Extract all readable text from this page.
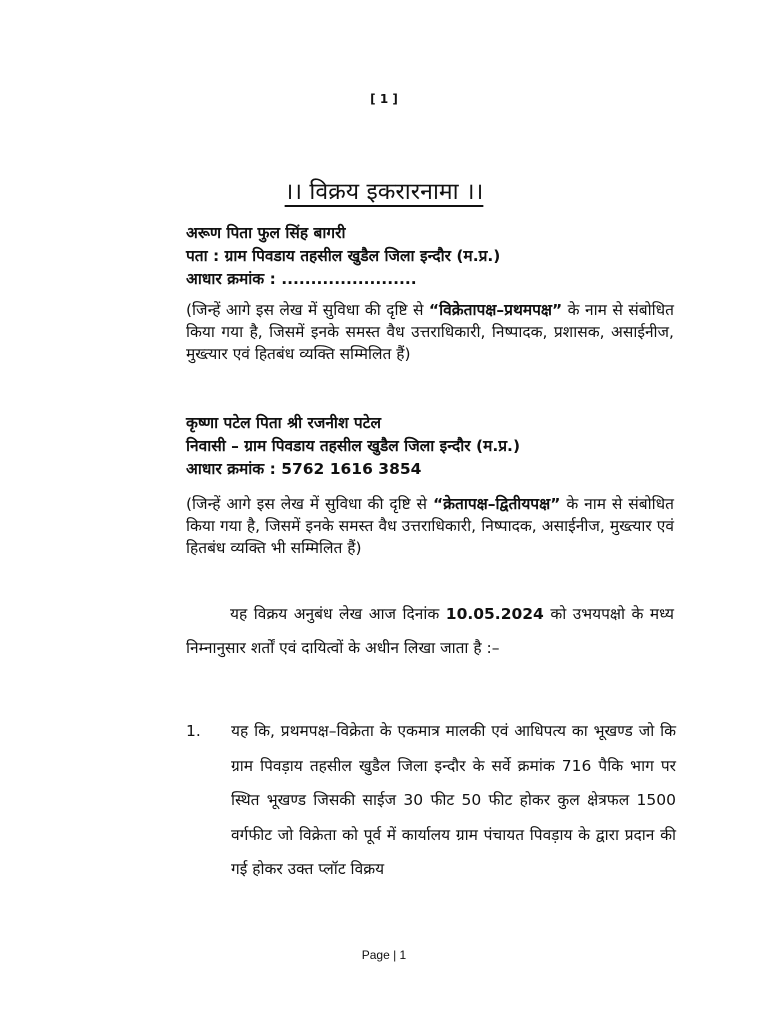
[ 1 ]
।। विक्रय इकरारनामा ।।
अरूण पिता फुल सिंह बागरी
पता : ग्राम पिवडाय तहसील खुडैल जिला इन्दौर (म.प्र.)
आधार क्रमांक : .......................
(जिन्हें आगे इस लेख में सुविधा की दृष्टि से “विक्रेतापक्ष–प्रथमपक्ष” के नाम से संबोधित किया गया है, जिसमें इनके समस्त वैध उत्तराधिकारी, निष्पादक, प्रशासक, असाईनीज, मुख्त्यार एवं हितबंध व्यक्ति सम्मिलित हैं)
कृष्णा पटेल पिता श्री रजनीश पटेल
निवासी – ग्राम पिवडाय तहसील खुडैल जिला इन्दौर (म.प्र.)
आधार क्रमांक : 5762 1616 3854
(जिन्हें आगे इस लेख में सुविधा की दृष्टि से “क्रेतापक्ष–द्वितीयपक्ष” के नाम से संबोधित किया गया है, जिसमें इनके समस्त वैध उत्तराधिकारी, निष्पादक, असाईनीज, मुख्त्यार एवं हितबंध व्यक्ति भी सम्मिलित हैं)
यह विक्रय अनुबंध लेख आज दिनांक 10.05.2024 को उभयपक्षो के मध्य निम्नानुसार शर्तों एवं दायित्वों के अधीन लिखा जाता है :–
1.	यह कि, प्रथमपक्ष–विक्रेता के एकमात्र मालकी एवं आधिपत्य का भूखण्ड जो कि ग्राम पिवड़ाय तहसील खुडैल जिला इन्दौर के सर्वे क्रमांक 716 पैकि भाग पर स्थित भूखण्ड जिसकी साईज 30 फीट 50 फीट होकर कुल क्षेत्रफल 1500 वर्गफीट जो विक्रेता को पूर्व में कार्यालय ग्राम पंचायत पिवड़ाय के द्वारा प्रदान की गई होकर उक्त प्लॉट विक्रय
Page | 1
